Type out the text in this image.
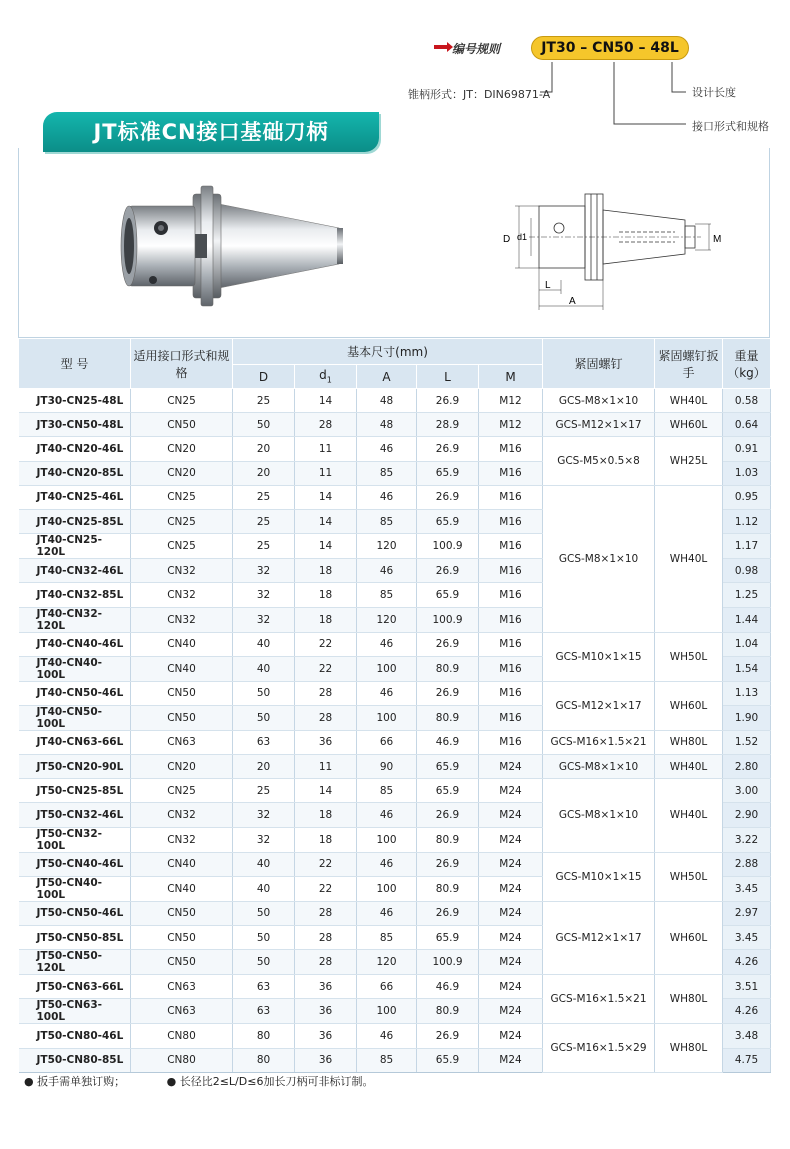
编号规则	JT30 – CN50 – 48L
锥柄形式：JT：DIN69871-A	设计长度
接口形式和规格
D d1	M
L
A
JT标准CN接口基础刀柄
型 号	适用接口形式和规格	基本尺寸(mm)					紧固螺钉	紧固螺钉扳手	重量（kg）
		D	$d_1$	A	L	M			
JT30-CN25-48L	CN25	25	14	48	26.9	M12	GCS-M8×1×10	WH40L	0.58
JT30-CN50-48L	CN50	50	28	48	28.9	M12	GCS-M12×1×17	WH60L	0.64
JT40-CN20-46L	CN20	20	11	46	26.9	M16	GCS-M5×0.5×8	WH25L	0.91
JT40-CN20-85L	CN20	20	11	85	65.9	M16			1.03
JT40-CN25-46L	CN25	25	14	46	26.9	M16	GCS-M8×1×10	WH40L	0.95
JT40-CN25-85L	CN25	25	14	85	65.9	M16			1.12
JT40-CN25-120L	CN25	25	14	120	100.9	M16			1.17
JT40-CN32-46L	CN32	32	18	46	26.9	M16			0.98
JT40-CN32-85L	CN32	32	18	85	65.9	M16			1.25
JT40-CN32-120L	CN32	32	18	120	100.9	M16			1.44
JT40-CN40-46L	CN40	40	22	46	26.9	M16	GCS-M10×1×15	WH50L	1.04
JT40-CN40-100L	CN40	40	22	100	80.9	M16			1.54
JT40-CN50-46L	CN50	50	28	46	26.9	M16	GCS-M12×1×17	WH60L	1.13
JT40-CN50-100L	CN50	50	28	100	80.9	M16			1.90
JT40-CN63-66L	CN63	63	36	66	46.9	M16	GCS-M16×1.5×21	WH80L	1.52
JT50-CN20-90L	CN20	20	11	90	65.9	M24	GCS-M8×1×10	WH40L	2.80
JT50-CN25-85L	CN25	25	14	85	65.9	M24	GCS-M8×1×10	WH40L	3.00
JT50-CN32-46L	CN32	32	18	46	26.9	M24			2.90
JT50-CN32-100L	CN32	32	18	100	80.9	M24			3.22
JT50-CN40-46L	CN40	40	22	46	26.9	M24	GCS-M10×1×15	WH50L	2.88
JT50-CN40-100L	CN40	40	22	100	80.9	M24			3.45
JT50-CN50-46L	CN50	50	28	46	26.9	M24	GCS-M12×1×17	WH60L	2.97
JT50-CN50-85L	CN50	50	28	85	65.9	M24			3.45
JT50-CN50-120L	CN50	50	28	120	100.9	M24			4.26
JT50-CN63-66L	CN63	63	36	66	46.9	M24	GCS-M16×1.5×21	WH80L	3.51
JT50-CN63-100L	CN63	63	36	100	80.9	M24			4.26
JT50-CN80-46L	CN80	80	36	46	26.9	M24	GCS-M16×1.5×29	WH80L	3.48
JT50-CN80-85L	CN80	80	36	85	65.9	M24			4.75
● 扳手需单独订购；	● 长径比2≤L/D≤6加长刀柄可非标订制。
